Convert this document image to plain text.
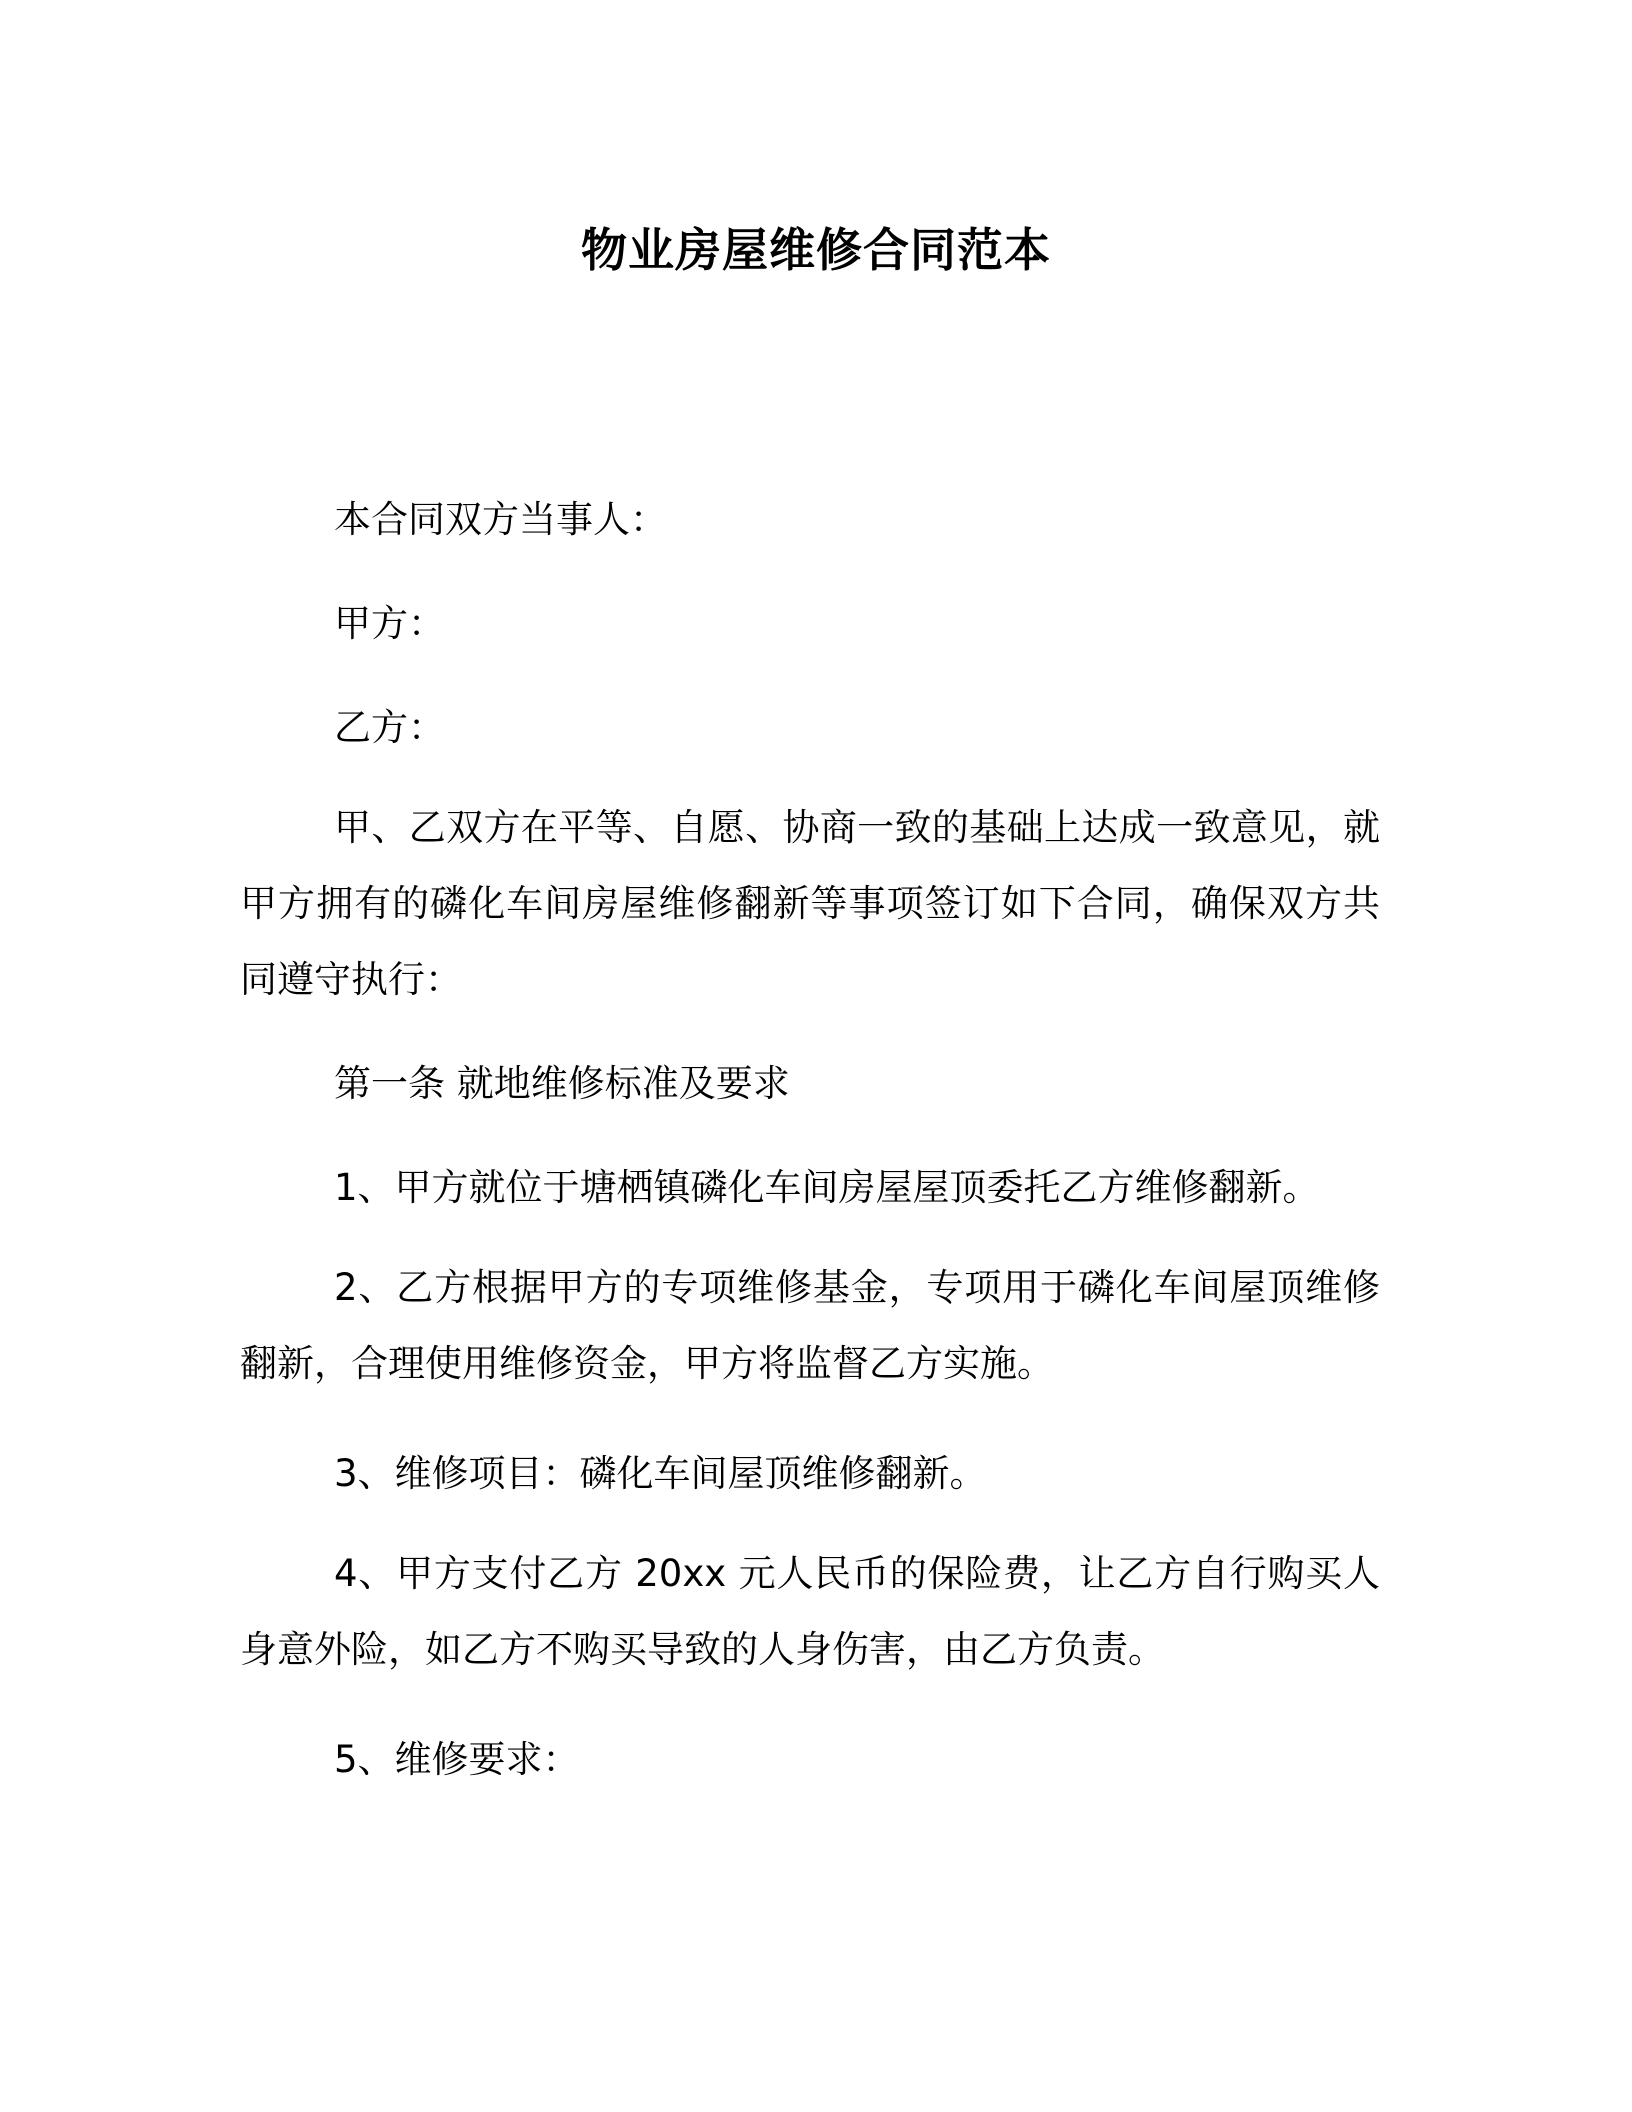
物业房屋维修合同范本

本合同双方当事人：

甲方：

乙方：

甲、乙双方在平等、自愿、协商一致的基础上达成一致意见，就甲方拥有的磷化车间房屋维修翻新等事项签订如下合同，确保双方共同遵守执行：

第一条 就地维修标准及要求

1、甲方就位于塘栖镇磷化车间房屋屋顶委托乙方维修翻新。

2、乙方根据甲方的专项维修基金，专项用于磷化车间屋顶维修翻新，合理使用维修资金，甲方将监督乙方实施。

3、维修项目：磷化车间屋顶维修翻新。

4、甲方支付乙方 20xx 元人民币的保险费，让乙方自行购买人身意外险，如乙方不购买导致的人身伤害，由乙方负责。

5、维修要求：
